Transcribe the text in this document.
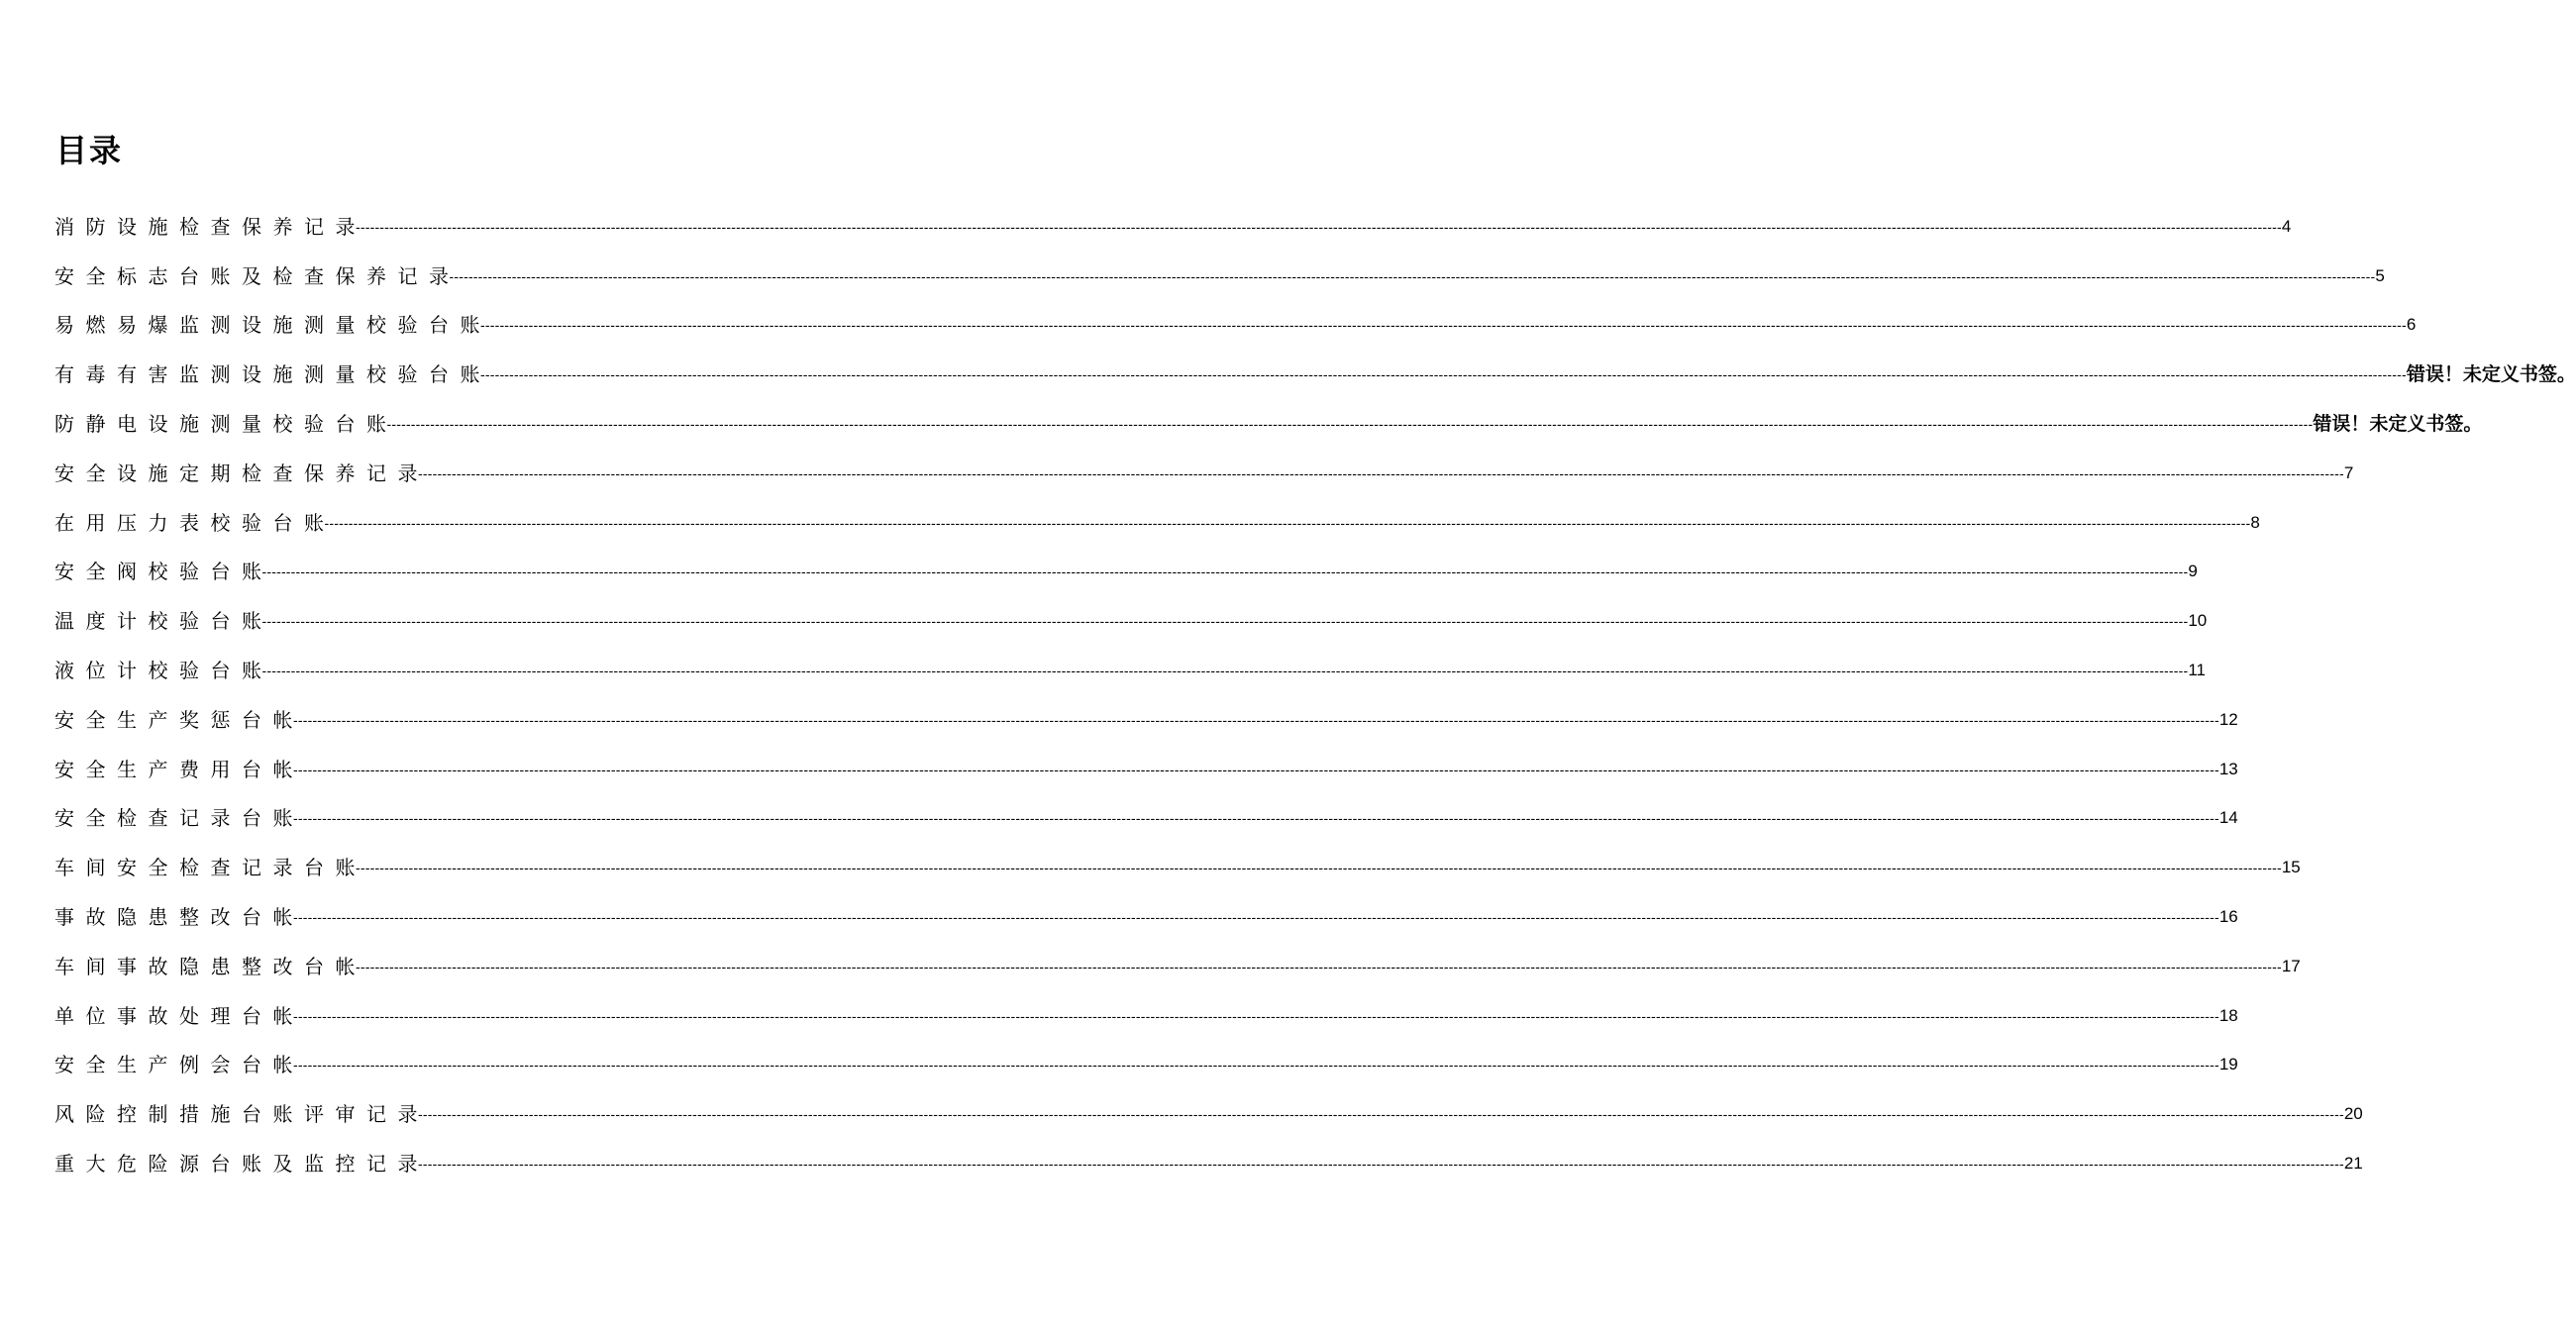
目录
消防设施检查保养记录
---------------------------------------------------------------------------------------------------------------------------------------------------------------------------------------------------------------------------------------------------------------------------------------------------------------------------------------------------------------------------------------------------------------- 4
安全标志台账及检查保养记录
---------------------------------------------------------------------------------------------------------------------------------------------------------------------------------------------------------------------------------------------------------------------------------------------------------------------------------------------------------------------------------------------------------------- 5
易燃易爆监测设施测量校验台账
---------------------------------------------------------------------------------------------------------------------------------------------------------------------------------------------------------------------------------------------------------------------------------------------------------------------------------------------------------------------------------------------------------------- 6
有毒有害监测设施测量校验台账
---------------------------------------------------------------------------------------------------------------------------------------------------------------------------------------------------------------------------------------------------------------------------------------------------------------------------------------------------------------------------------------------------------------- 错误！未定义书签。
防静电设施测量校验台账
---------------------------------------------------------------------------------------------------------------------------------------------------------------------------------------------------------------------------------------------------------------------------------------------------------------------------------------------------------------------------------------------------------------- 错误！未定义书签。
安全设施定期检查保养记录
---------------------------------------------------------------------------------------------------------------------------------------------------------------------------------------------------------------------------------------------------------------------------------------------------------------------------------------------------------------------------------------------------------------- 7
在用压力表校验台账
---------------------------------------------------------------------------------------------------------------------------------------------------------------------------------------------------------------------------------------------------------------------------------------------------------------------------------------------------------------------------------------------------------------- 8
安全阀校验台账
---------------------------------------------------------------------------------------------------------------------------------------------------------------------------------------------------------------------------------------------------------------------------------------------------------------------------------------------------------------------------------------------------------------- 9
温度计校验台账
---------------------------------------------------------------------------------------------------------------------------------------------------------------------------------------------------------------------------------------------------------------------------------------------------------------------------------------------------------------------------------------------------------------- 10
液位计校验台账
---------------------------------------------------------------------------------------------------------------------------------------------------------------------------------------------------------------------------------------------------------------------------------------------------------------------------------------------------------------------------------------------------------------- 11
安全生产奖惩台帐
---------------------------------------------------------------------------------------------------------------------------------------------------------------------------------------------------------------------------------------------------------------------------------------------------------------------------------------------------------------------------------------------------------------- 12
安全生产费用台帐
---------------------------------------------------------------------------------------------------------------------------------------------------------------------------------------------------------------------------------------------------------------------------------------------------------------------------------------------------------------------------------------------------------------- 13
安全检查记录台账
---------------------------------------------------------------------------------------------------------------------------------------------------------------------------------------------------------------------------------------------------------------------------------------------------------------------------------------------------------------------------------------------------------------- 14
车间安全检查记录台账
---------------------------------------------------------------------------------------------------------------------------------------------------------------------------------------------------------------------------------------------------------------------------------------------------------------------------------------------------------------------------------------------------------------- 15
事故隐患整改台帐
---------------------------------------------------------------------------------------------------------------------------------------------------------------------------------------------------------------------------------------------------------------------------------------------------------------------------------------------------------------------------------------------------------------- 16
车间事故隐患整改台帐
---------------------------------------------------------------------------------------------------------------------------------------------------------------------------------------------------------------------------------------------------------------------------------------------------------------------------------------------------------------------------------------------------------------- 17
单位事故处理台帐
---------------------------------------------------------------------------------------------------------------------------------------------------------------------------------------------------------------------------------------------------------------------------------------------------------------------------------------------------------------------------------------------------------------- 18
安全生产例会台帐
---------------------------------------------------------------------------------------------------------------------------------------------------------------------------------------------------------------------------------------------------------------------------------------------------------------------------------------------------------------------------------------------------------------- 19
风险控制措施台账评审记录
---------------------------------------------------------------------------------------------------------------------------------------------------------------------------------------------------------------------------------------------------------------------------------------------------------------------------------------------------------------------------------------------------------------- 20
重大危险源台账及监控记录
---------------------------------------------------------------------------------------------------------------------------------------------------------------------------------------------------------------------------------------------------------------------------------------------------------------------------------------------------------------------------------------------------------------- 21
